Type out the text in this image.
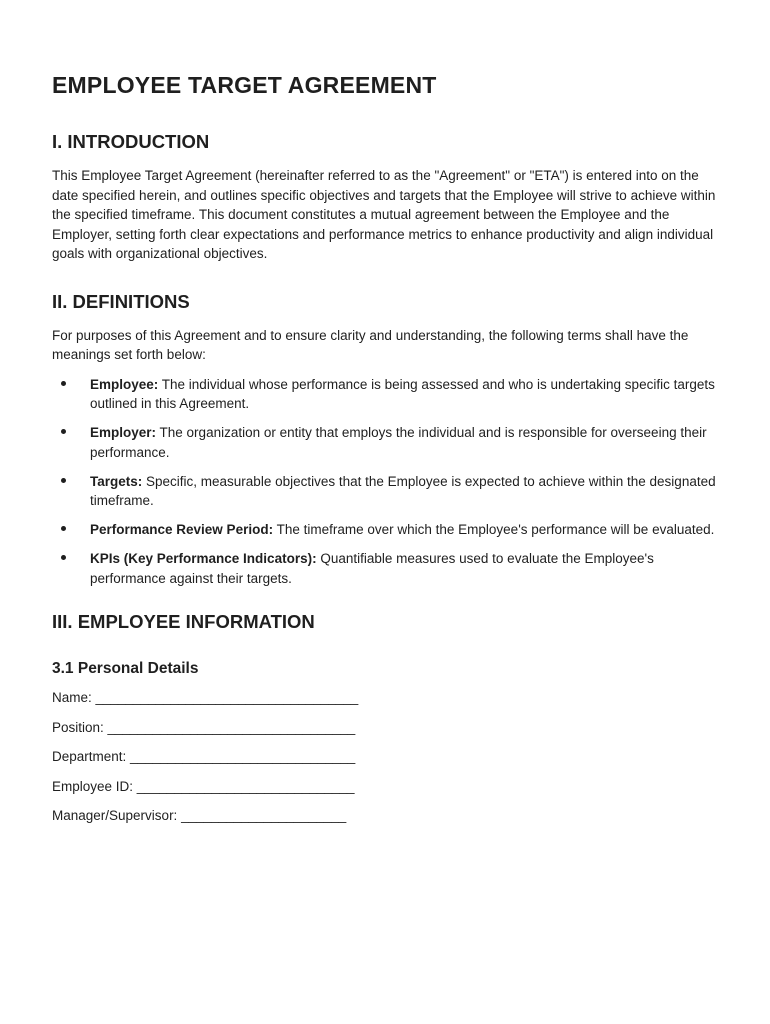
EMPLOYEE TARGET AGREEMENT
I. INTRODUCTION

This Employee Target Agreement (hereinafter referred to as the "Agreement" or "ETA") is entered into on the date specified herein, and outlines specific objectives and targets that the Employee will strive to achieve within the specified timeframe. This document constitutes a mutual agreement between the Employee and the Employer, setting forth clear expectations and performance metrics to enhance productivity and align individual goals with organizational objectives.

II. DEFINITIONS

For purposes of this Agreement and to ensure clarity and understanding, the following terms shall have the meanings set forth below:

Employee: The individual whose performance is being assessed and who is undertaking specific targets outlined in this Agreement.
Employer: The organization or entity that employs the individual and is responsible for overseeing their performance.
Targets: Specific, measurable objectives that the Employee is expected to achieve within the designated timeframe.
Performance Review Period: The timeframe over which the Employee's performance will be evaluated.
KPIs (Key Performance Indicators): Quantifiable measures used to evaluate the Employee's performance against their targets.
III. EMPLOYEE INFORMATION
3.1 Personal Details
Name: ___________________________________
Position: _________________________________
Department: ______________________________
Employee ID: _____________________________
Manager/Supervisor: ______________________
